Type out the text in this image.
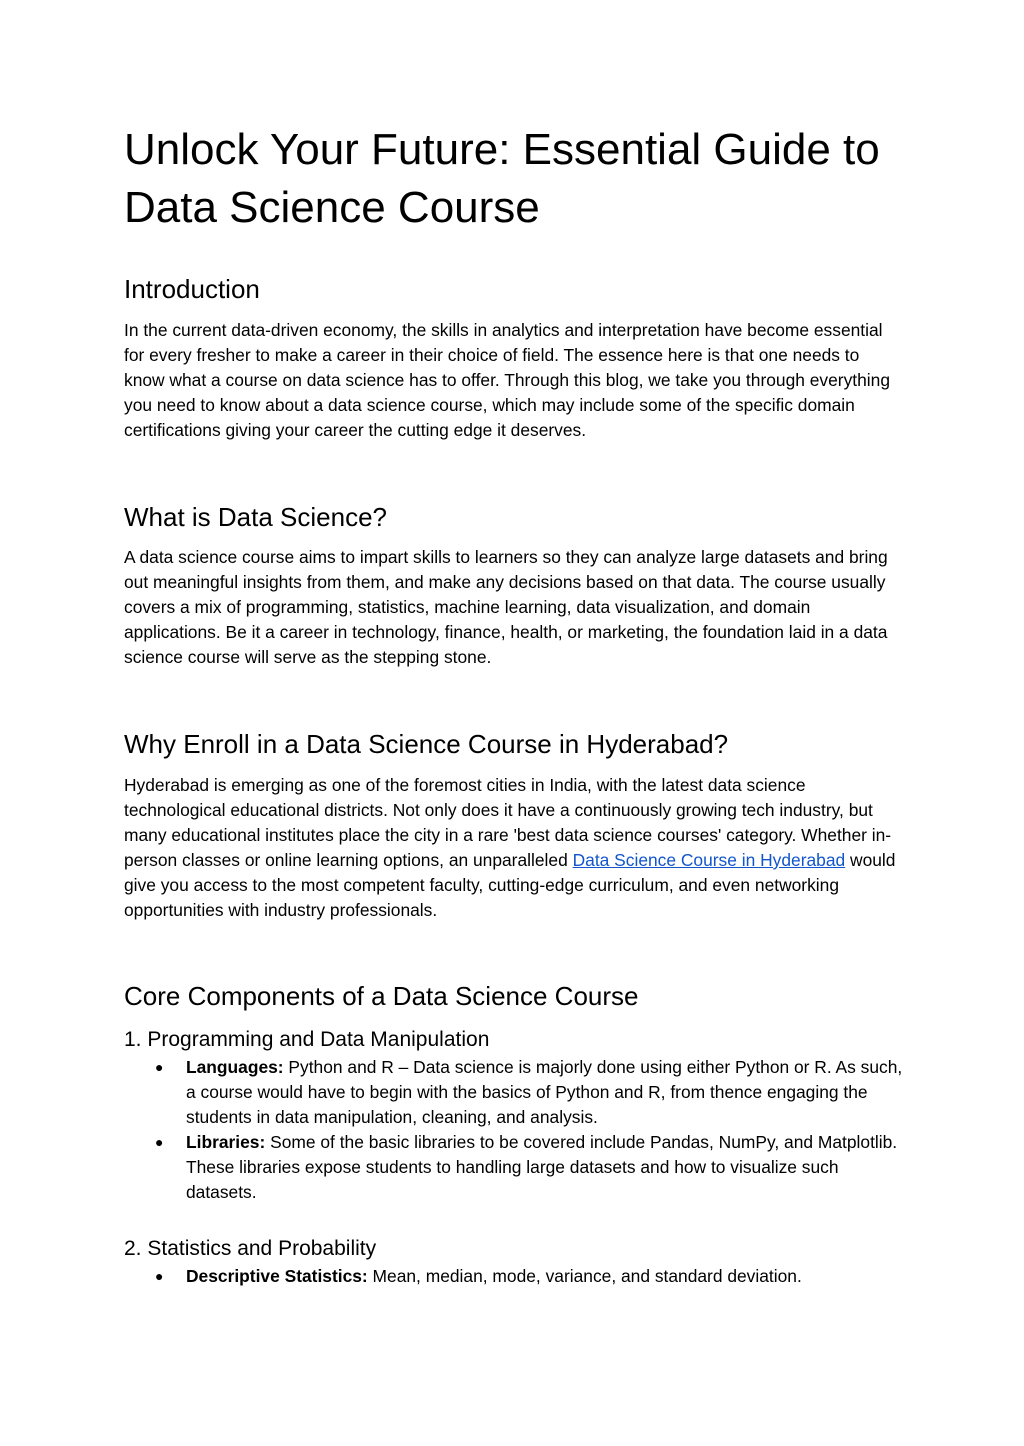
Unlock Your Future: Essential Guide to Data Science Course
Introduction

In the current data-driven economy, the skills in analytics and interpretation have become essential for every fresher to make a career in their choice of field. The essence here is that one needs to know what a course on data science has to offer. Through this blog, we take you through everything you need to know about a data science course, which may include some of the specific domain certifications giving your career the cutting edge it deserves.

What is Data Science?

A data science course aims to impart skills to learners so they can analyze large datasets and bring out meaningful insights from them, and make any decisions based on that data. The course usually covers a mix of programming, statistics, machine learning, data visualization, and domain applications. Be it a career in technology, finance, health, or marketing, the foundation laid in a data science course will serve as the stepping stone.

Why Enroll in a Data Science Course in Hyderabad?

Hyderabad is emerging as one of the foremost cities in India, with the latest data science technological educational districts. Not only does it have a continuously growing tech industry, but many educational institutes place the city in a rare 'best data science courses' category. Whether in-person classes or online learning options, an unparalleled Data Science Course in Hyderabad would give you access to the most competent faculty, cutting-edge curriculum, and even networking opportunities with industry professionals.

Core Components of a Data Science Course
1. Programming and Data Manipulation
● Languages: Python and R – Data science is majorly done using either Python or R. As such, a course would have to begin with the basics of Python and R, from thence engaging the students in data manipulation, cleaning, and analysis.
● Libraries: Some of the basic libraries to be covered include Pandas, NumPy, and Matplotlib. These libraries expose students to handling large datasets and how to visualize such datasets.
2. Statistics and Probability
● Descriptive Statistics: Mean, median, mode, variance, and standard deviation.
